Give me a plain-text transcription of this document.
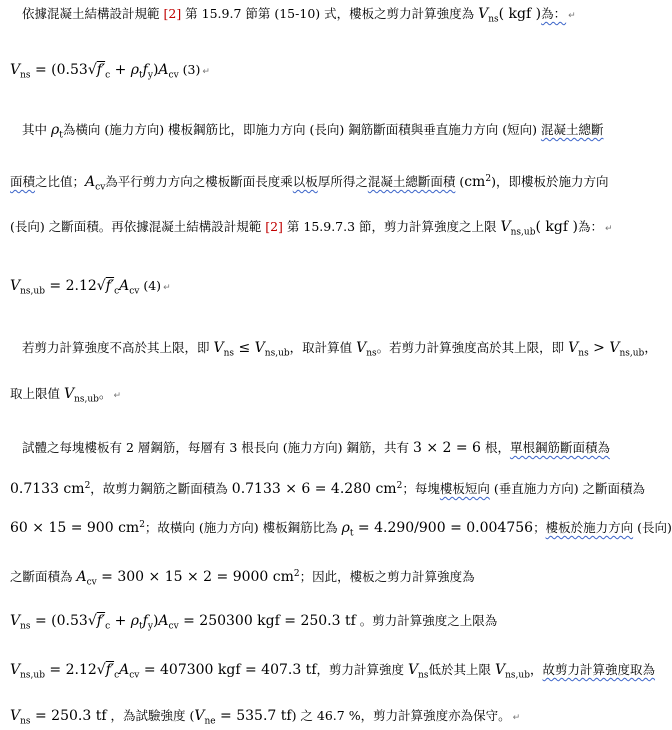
依據混凝土結構設計規範 [2] 第 15.9.7 節第 (15-10) 式，樓板之剪力計算強度為 $V_{ns}$( kgf )為： ↵
$V_{ns} = (0.53√f'_c + \rho_tf_y)A_{cv}$ (3) ↵
其中 $\rho_t$為橫向 (施力方向) 樓板鋼筋比，即施力方向 (長向) 鋼筋斷面積與垂直施力方向 (短向) 混凝土總斷
面積之比值；$A_{cv}$為平行剪力方向之樓板斷面長度乘以板厚所得之混凝土總斷面積 $(cm^2)$，即樓板於施力方向
(長向) 之斷面積。再依據混凝土結構設計規範 [2] 第 15.9.7.3 節，剪力計算強度之上限 $V_{ns,ub}$( kgf )為： ↵
$V_{ns,ub} = 2.12√f'_cA_{cv}$ (4) ↵
若剪力計算強度不高於其上限，即 $V_{ns} \le V_{ns,ub}$，取計算值 $V_{ns}$。若剪力計算強度高於其上限，即 $V_{ns} > V_{ns,ub}$，
取上限值 $V_{ns,ub}$。 ↵
試體之每塊樓板有 2 層鋼筋，每層有 3 根長向 (施力方向) 鋼筋，共有 3 × 2 = 6 根，單根鋼筋斷面積為
0.7133 $cm^2$，故剪力鋼筋之斷面積為 0.7133 × 6 = 4.280 $cm^2$；每塊樓板短向 (垂直施力方向) 之斷面積為
60 × 15 = 900 $cm^2$；故橫向 (施力方向) 樓板鋼筋比為 $\rho_t = 4.290/900 = 0.004756$；樓板於施力方向 (長向)
之斷面積為 $A_{cv} = 300 \times 15 \times 2 = 9000$ $cm^2$；因此，樓板之剪力計算強度為
$V_{ns} = (0.53√f'_c + \rho_tf_y)A_{cv} = 250300$ kgf = 250.3 tf 。剪力計算強度之上限為
$V_{ns,ub} = 2.12√f'_cA_{cv} = 407300$ kgf = 407.3 tf，剪力計算強度 $V_{ns}$低於其上限 $V_{ns,ub}$，故剪力計算強度取為
$V_{ns} = 250.3$ tf ，為試驗強度 ($V_{ne} = 535.7$ tf) 之 46.7 %，剪力計算強度亦為保守。 ↵
